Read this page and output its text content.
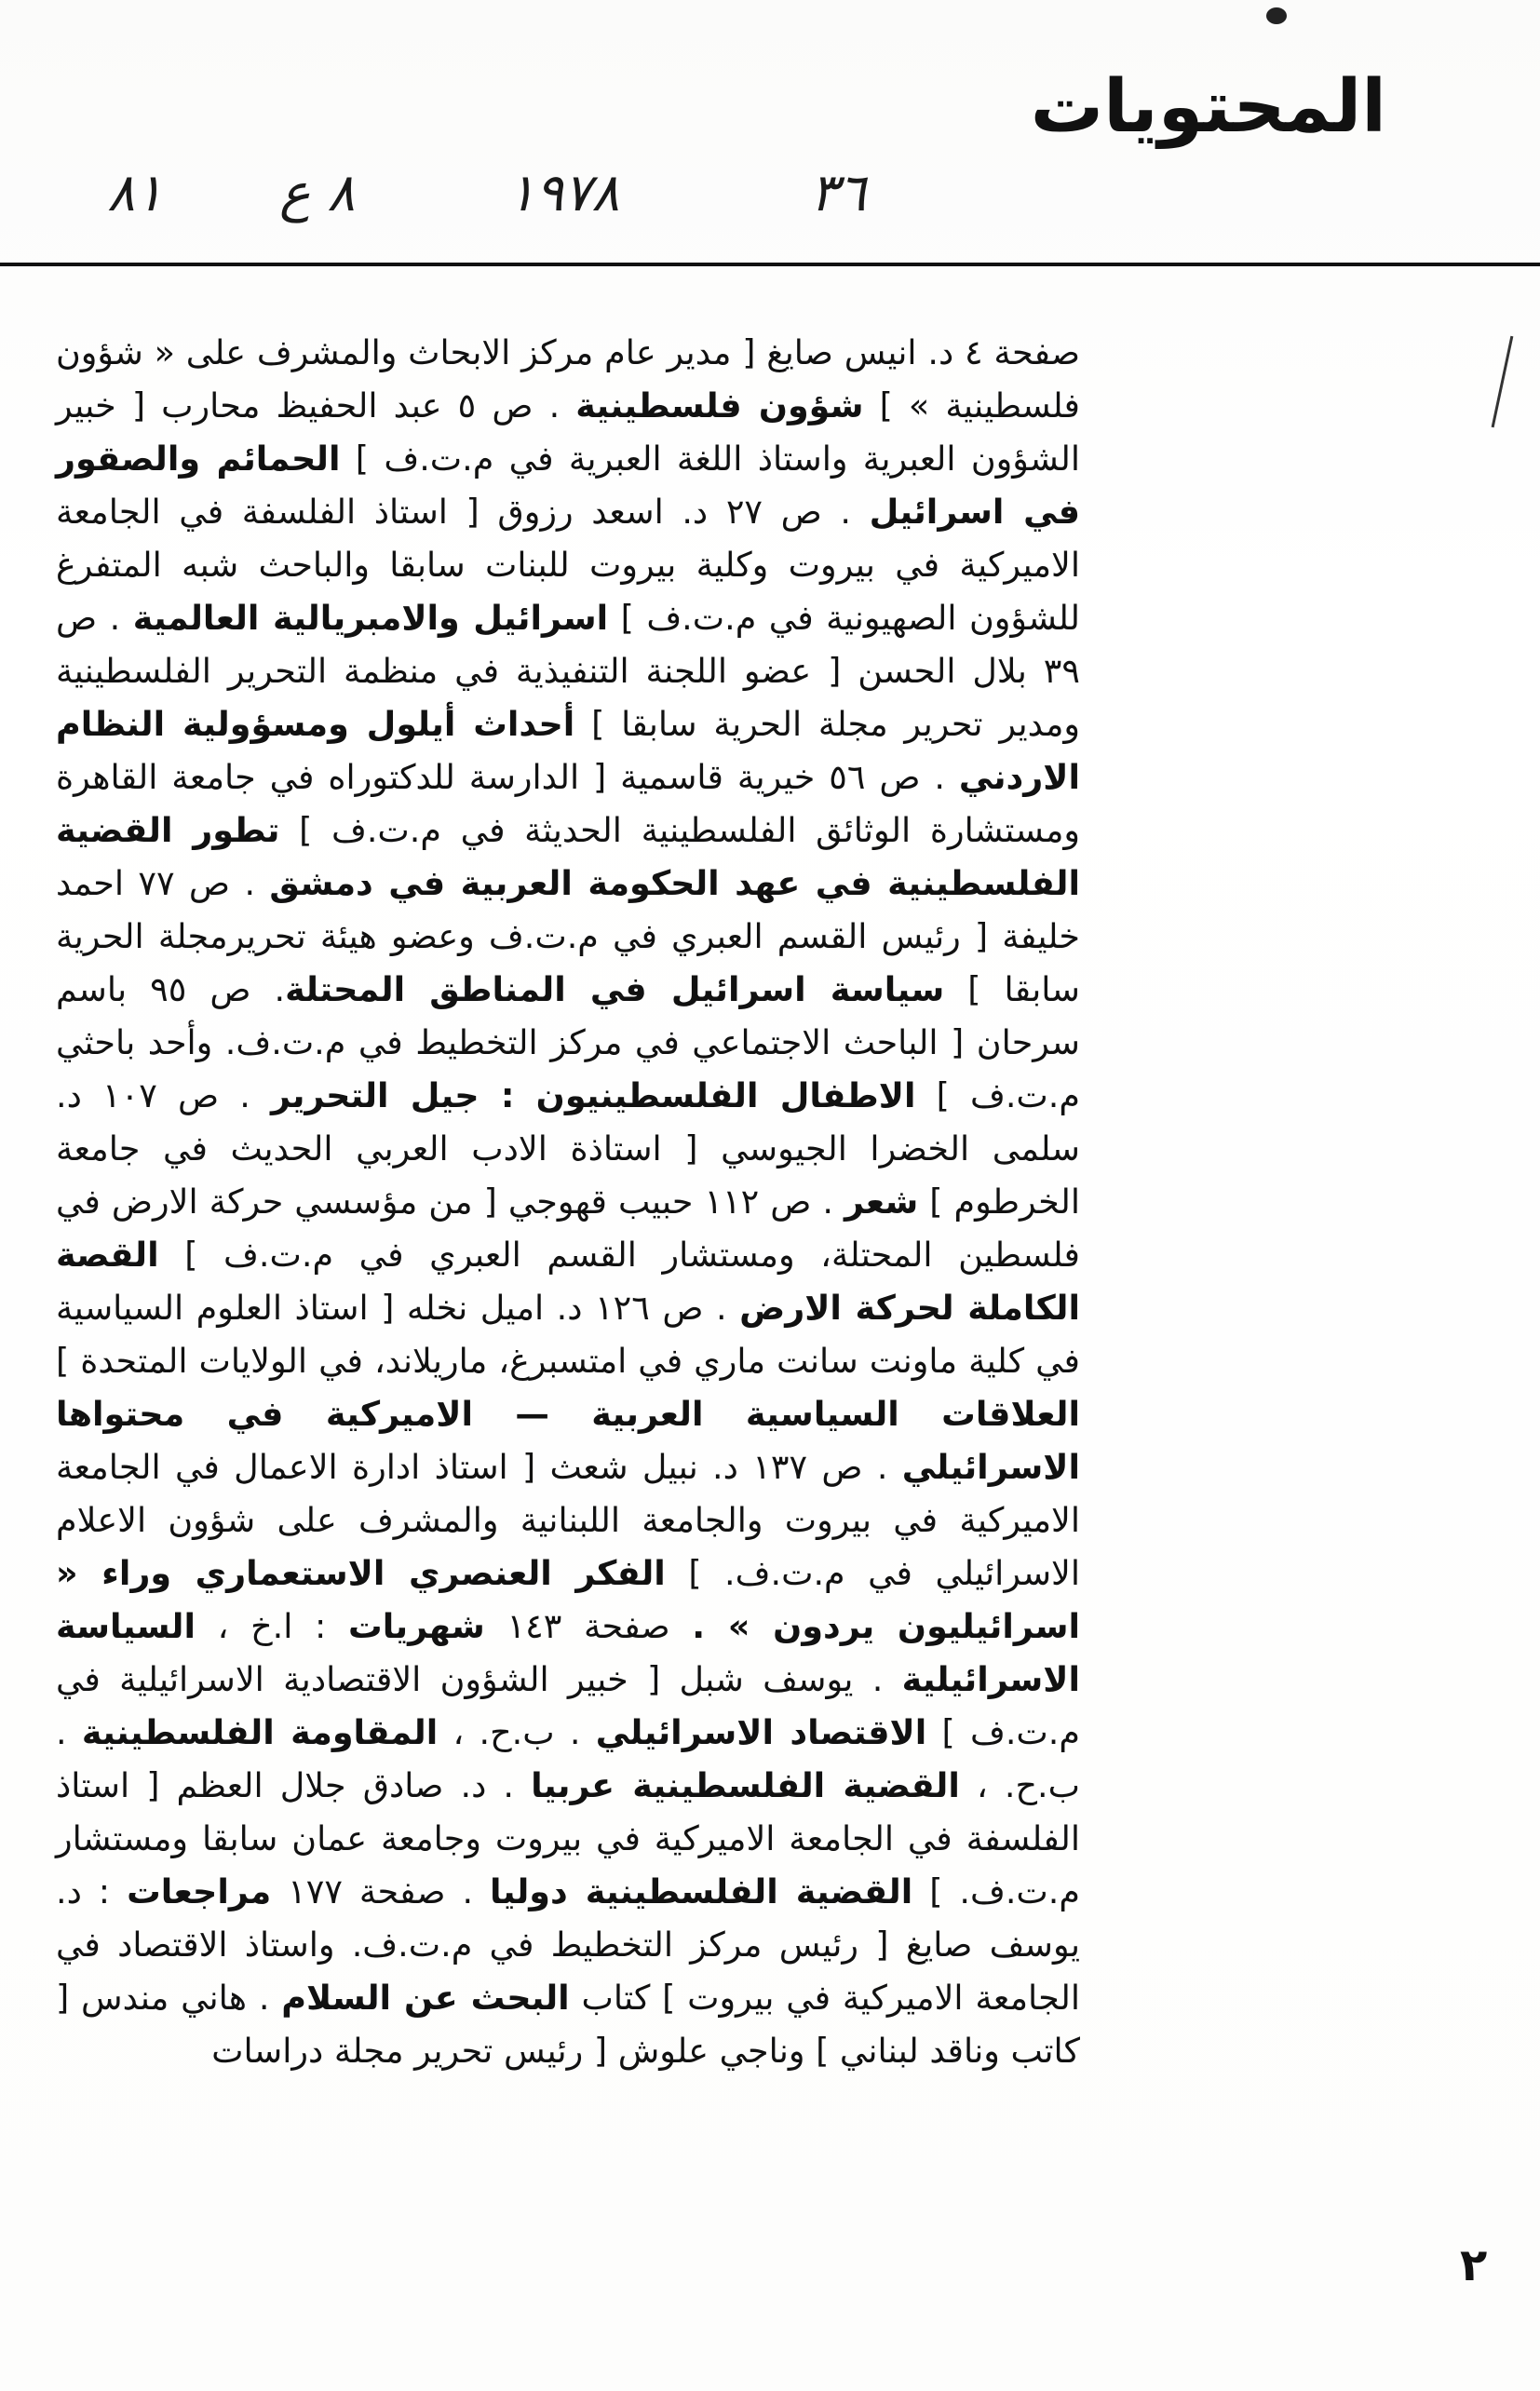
المحتويات
٣٦
١٩٧٨
٨ ع
٨١
صفحة ٤ د. انيس صايغ [ مدير عام مركز الابحاث والمشرف على « شؤون فلسطينية » ] شؤون فلسطينية . ص ٥ عبد الحفيظ محارب [ خبير الشؤون العبرية واستاذ اللغة العبرية في م.ت.ف ] الحمائم والصقور في اسرائيل . ص ٢٧ د. اسعد رزوق [ استاذ الفلسفة في الجامعة الاميركية في بيروت وكلية بيروت للبنات سابقا والباحث شبه المتفرغ للشؤون الصهيونية في م.ت.ف ] اسرائيل والامبريالية العالمية . ص ٣٩ بلال الحسن [ عضو اللجنة التنفيذية في منظمة التحرير الفلسطينية ومدير تحرير مجلة الحرية سابقا ] أحداث أيلول ومسؤولية النظام الاردني . ص ٥٦ خيرية قاسمية [ الدارسة للدكتوراه في جامعة القاهرة ومستشارة الوثائق الفلسطينية الحديثة في م.ت.ف ] تطور القضية الفلسطينية في عهد الحكومة العربية في دمشق . ص ٧٧ احمد خليفة [ رئيس القسم العبري في م.ت.ف وعضو هيئة تحريرمجلة الحرية سابقا ] سياسة اسرائيل في المناطق المحتلة. ص ٩٥ باسم سرحان [ الباحث الاجتماعي في مركز التخطيط في م.ت.ف. وأحد باحثي م.ت.ف ] الاطفال الفلسطينيون : جيل التحرير . ص ١٠٧ د. سلمى الخضرا الجيوسي [ استاذة الادب العربي الحديث في جامعة الخرطوم ] شعر . ص ١١٢ حبيب قهوجي [ من مؤسسي حركة الارض في فلسطين المحتلة، ومستشار القسم العبري في م.ت.ف ] القصة الكاملة لحركة الارض . ص ١٢٦ د. اميل نخله [ استاذ العلوم السياسية في كلية ماونت سانت ماري في امتسبرغ، ماريلاند، في الولايات المتحدة ] العلاقات السياسية العربية — الاميركية في محتواها الاسرائيلي . ص ١٣٧ د. نبيل شعث [ استاذ ادارة الاعمال في الجامعة الاميركية في بيروت والجامعة اللبنانية والمشرف على شؤون الاعلام الاسرائيلي في م.ت.ف. ] الفكر العنصري الاستعماري وراء « اسرائيليون يردون » . صفحة ١٤٣ شهريات : ا.خ ، السياسة الاسرائيلية . يوسف شبل [ خبير الشؤون الاقتصادية الاسرائيلية في م.ت.ف ] الاقتصاد الاسرائيلي . ب.ح. ، المقاومة الفلسطينية . ب.ح. ، القضية الفلسطينية عربيا . د. صادق جلال العظم [ استاذ الفلسفة في الجامعة الاميركية في بيروت وجامعة عمان سابقا ومستشار م.ت.ف. ] القضية الفلسطينية دوليا . صفحة ١٧٧ مراجعات : د. يوسف صايغ [ رئيس مركز التخطيط في م.ت.ف. واستاذ الاقتصاد في الجامعة الاميركية في بيروت ] كتاب البحث عن السلام . هاني مندس [ كاتب وناقد لبناني ] وناجي علوش [ رئيس تحرير مجلة دراسات
٢
